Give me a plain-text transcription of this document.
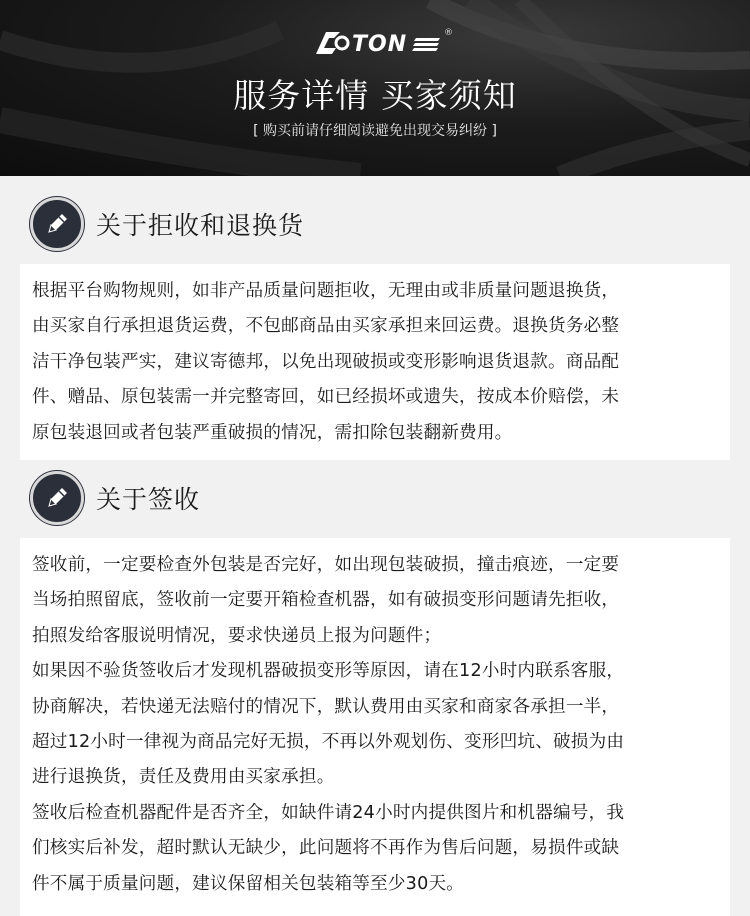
TON	®
服务详情 买家须知
[ 购买前请仔细阅读避免出现交易纠纷 ]
关于拒收和退换货

根据平台购物规则，如非产品质量问题拒收，无理由或非质量问题退换货，

由买家自行承担退货运费，不包邮商品由买家承担来回运费。退换货务必整

洁干净包装严实，建议寄德邦，以免出现破损或变形影响退货退款。商品配

件、赠品、原包装需一并完整寄回，如已经损坏或遗失，按成本价赔偿，未

原包装退回或者包装严重破损的情况，需扣除包装翻新费用。

关于签收

签收前，一定要检查外包装是否完好，如出现包装破损，撞击痕迹，一定要

当场拍照留底，签收前一定要开箱检查机器，如有破损变形问题请先拒收，

拍照发给客服说明情况，要求快递员上报为问题件；

如果因不验货签收后才发现机器破损变形等原因，请在12小时内联系客服，

协商解决，若快递无法赔付的情况下，默认费用由买家和商家各承担一半，

超过12小时一律视为商品完好无损，不再以外观划伤、变形凹坑、破损为由

进行退换货，责任及费用由买家承担。

签收后检查机器配件是否齐全，如缺件请24小时内提供图片和机器编号，我

们核实后补发，超时默认无缺少，此问题将不再作为售后问题，易损件或缺

件不属于质量问题，建议保留相关包装箱等至少30天。
